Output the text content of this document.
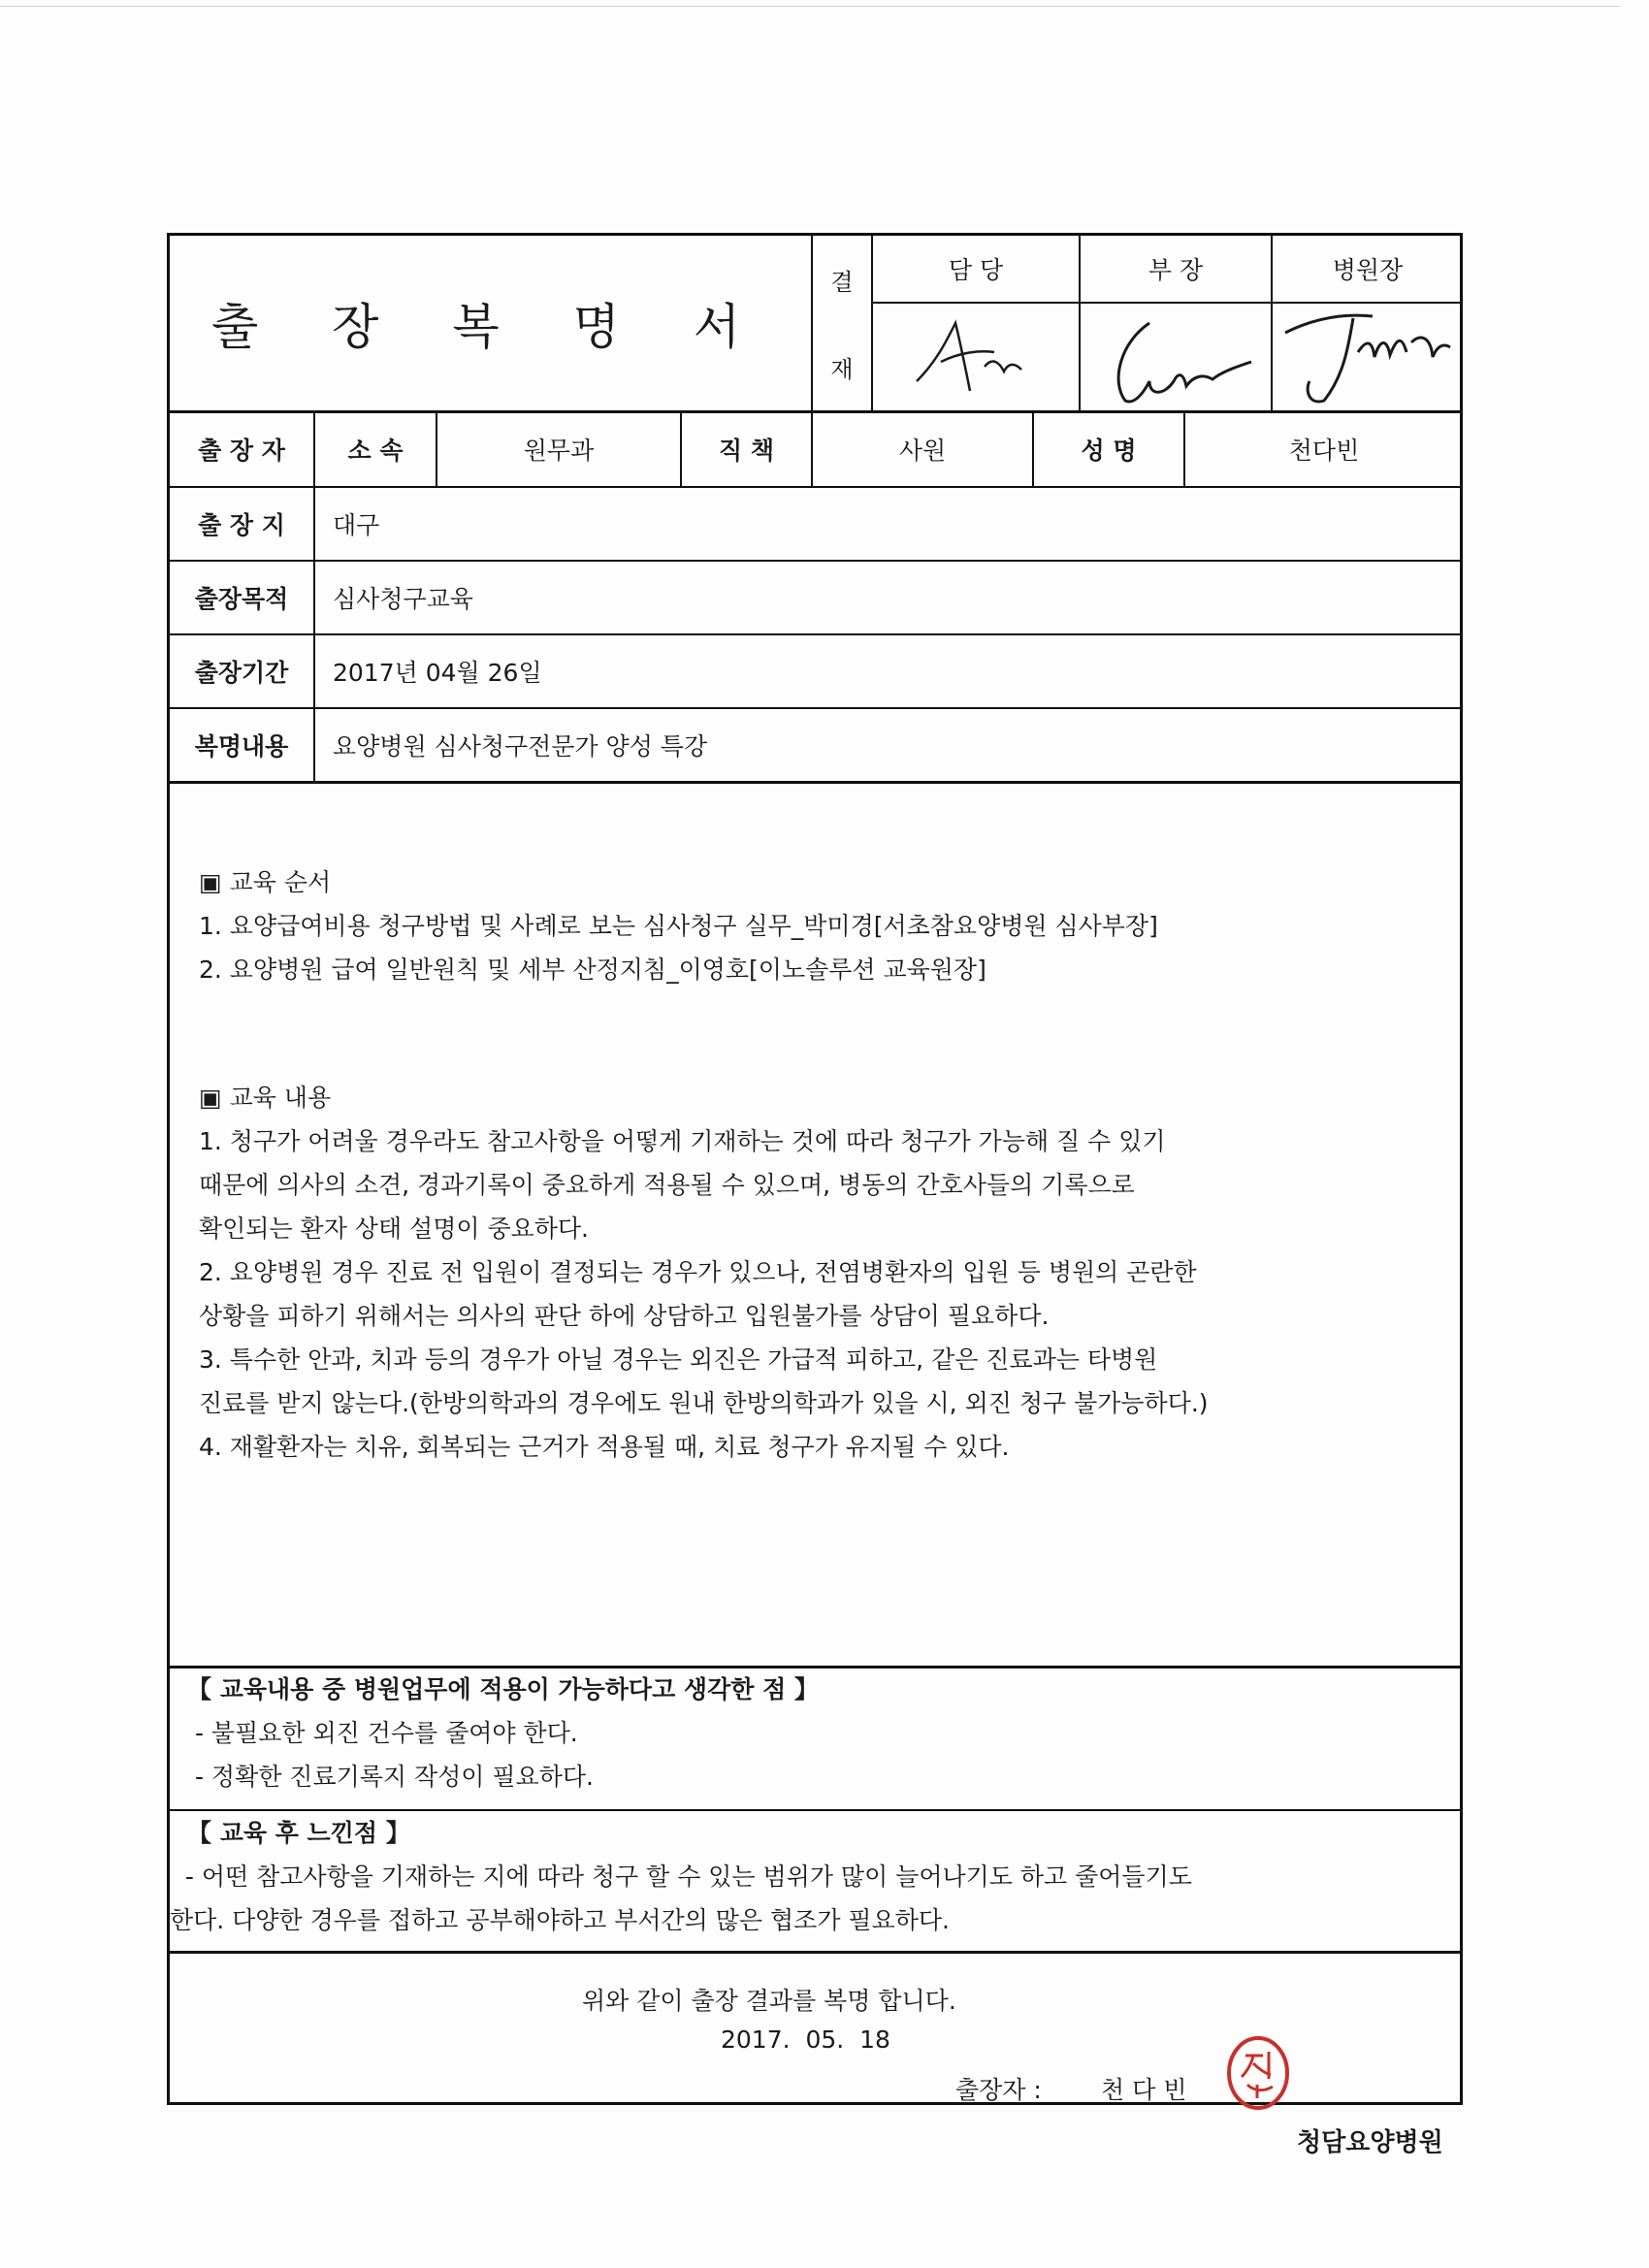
출 장 복 명 서
결
재
담 당	부 장	병원장
출 장 자	소 속	원무과	직 책	사원	성 명	천다빈
출 장 지	대구
출장목적	심사청구교육
출장기간	2017년 04월 26일
복명내용	요양병원 심사청구전문가 양성 특강
▣ 교육 순서
1. 요양급여비용 청구방법 및 사례로 보는 심사청구 실무_박미경[서초참요양병원 심사부장]
2. 요양병원 급여 일반원칙 및 세부 산정지침_이영호[이노솔루션 교육원장]
▣ 교육 내용
1. 청구가 어려울 경우라도 참고사항을 어떻게 기재하는 것에 따라 청구가 가능해 질 수 있기
때문에 의사의 소견, 경과기록이 중요하게 적용될 수 있으며, 병동의 간호사들의 기록으로
확인되는 환자 상태 설명이 중요하다.
2. 요양병원 경우 진료 전 입원이 결정되는 경우가 있으나, 전염병환자의 입원 등 병원의 곤란한
상황을 피하기 위해서는 의사의 판단 하에 상담하고 입원불가를 상담이 필요하다.
3. 특수한 안과, 치과 등의 경우가 아닐 경우는 외진은 가급적 피하고, 같은 진료과는 타병원
진료를 받지 않는다.(한방의학과의 경우에도 원내 한방의학과가 있을 시, 외진 청구 불가능하다.)
4. 재활환자는 치유, 회복되는 근거가 적용될 때, 치료 청구가 유지될 수 있다.
【 교육내용 중 병원업무에 적용이 가능하다고 생각한 점 】
- 불필요한 외진 건수를 줄여야 한다.
- 정확한 진료기록지 작성이 필요하다.
【 교육 후 느낀점 】
- 어떤 참고사항을 기재하는 지에 따라 청구 할 수 있는 범위가 많이 늘어나기도 하고 줄어들기도
한다. 다양한 경우를 접하고 공부해야하고 부서간의 많은 협조가 필요하다.
위와 같이 출장 결과를 복명 합니다.
2017.  05.  18
출장자 : 천 다 빈
청담요양병원
